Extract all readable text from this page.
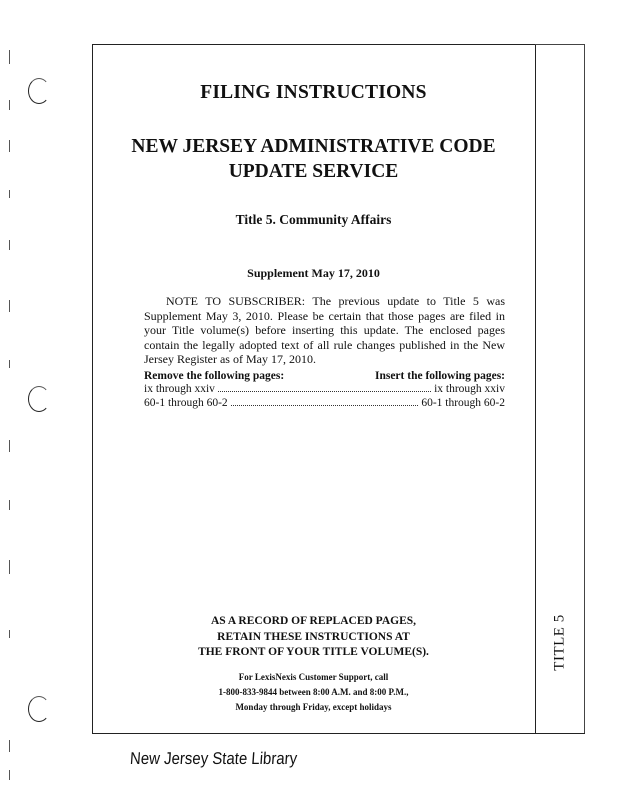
FILING INSTRUCTIONS
NEW JERSEY ADMINISTRATIVE CODE
UPDATE SERVICE
Title 5. Community Affairs
Supplement May 17, 2010
NOTE TO SUBSCRIBER: The previous update to Title 5 was Supplement May 3, 2010. Please be certain that those pages are filed in your Title volume(s) before inserting this update. The enclosed pages contain the legally adopted text of all rule changes published in the New Jersey Register as of May 17, 2010.
Remove the following pages:	Insert the following pages:
ix through xxiv	ix through xxiv
60-1 through 60-2	60-1 through 60-2
AS A RECORD OF REPLACED PAGES,
RETAIN THESE INSTRUCTIONS AT
THE FRONT OF YOUR TITLE VOLUME(S).
For LexisNexis Customer Support, call
1-800-833-9844 between 8:00 A.M. and 8:00 P.M.,
Monday through Friday, except holidays
TITLE 5
New Jersey State Library
